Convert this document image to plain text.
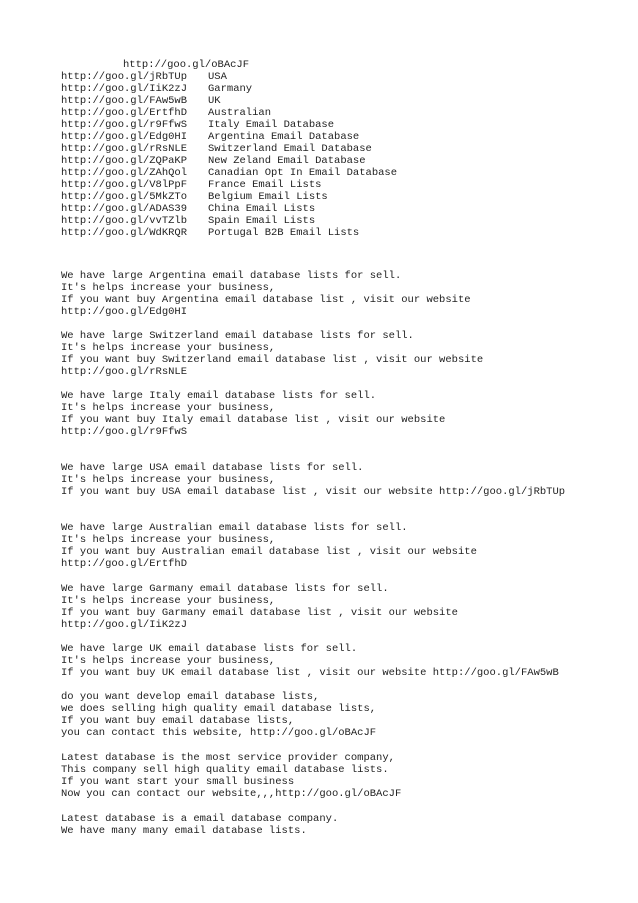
http://goo.gl/oBAcJF
http://goo.gl/jRbTUp USA
http://goo.gl/IiK2zJ Garmany
http://goo.gl/FAw5wB UK
http://goo.gl/ErtfhD Australian
http://goo.gl/r9FfwS Italy Email Database
http://goo.gl/Edg0HI Argentina Email Database
http://goo.gl/rRsNLE Switzerland Email Database
http://goo.gl/ZQPaKP New Zeland Email Database
http://goo.gl/ZAhQol Canadian Opt In Email Database
http://goo.gl/V8lPpF France Email Lists
http://goo.gl/5MkZTo Belgium Email Lists
http://goo.gl/ADAS39 China Email Lists
http://goo.gl/vvTZlb Spain Email Lists
http://goo.gl/WdKRQR Portugal B2B Email Lists
We have large Argentina email database lists for sell.
It's helps increase your business,
If you want buy Argentina email database list , visit our website
http://goo.gl/Edg0HI
We have large Switzerland email database lists for sell.
It's helps increase your business,
If you want buy Switzerland email database list , visit our website
http://goo.gl/rRsNLE
We have large Italy email database lists for sell.
It's helps increase your business,
If you want buy Italy email database list , visit our website
http://goo.gl/r9FfwS
We have large USA email database lists for sell.
It's helps increase your business,
If you want buy USA email database list , visit our website http://goo.gl/jRbTUp
We have large Australian email database lists for sell.
It's helps increase your business,
If you want buy Australian email database list , visit our website
http://goo.gl/ErtfhD
We have large Garmany email database lists for sell.
It's helps increase your business,
If you want buy Garmany email database list , visit our website
http://goo.gl/IiK2zJ
We have large UK email database lists for sell.
It's helps increase your business,
If you want buy UK email database list , visit our website http://goo.gl/FAw5wB
do you want develop email database lists,
we does selling high quality email database lists,
If you want buy email database lists,
you can contact this website, http://goo.gl/oBAcJF
Latest database is the most service provider company,
This company sell high quality email database lists.
If you want start your small business
Now you can contact our website,,,http://goo.gl/oBAcJF
Latest database is a email database company.
We have many many email database lists.
